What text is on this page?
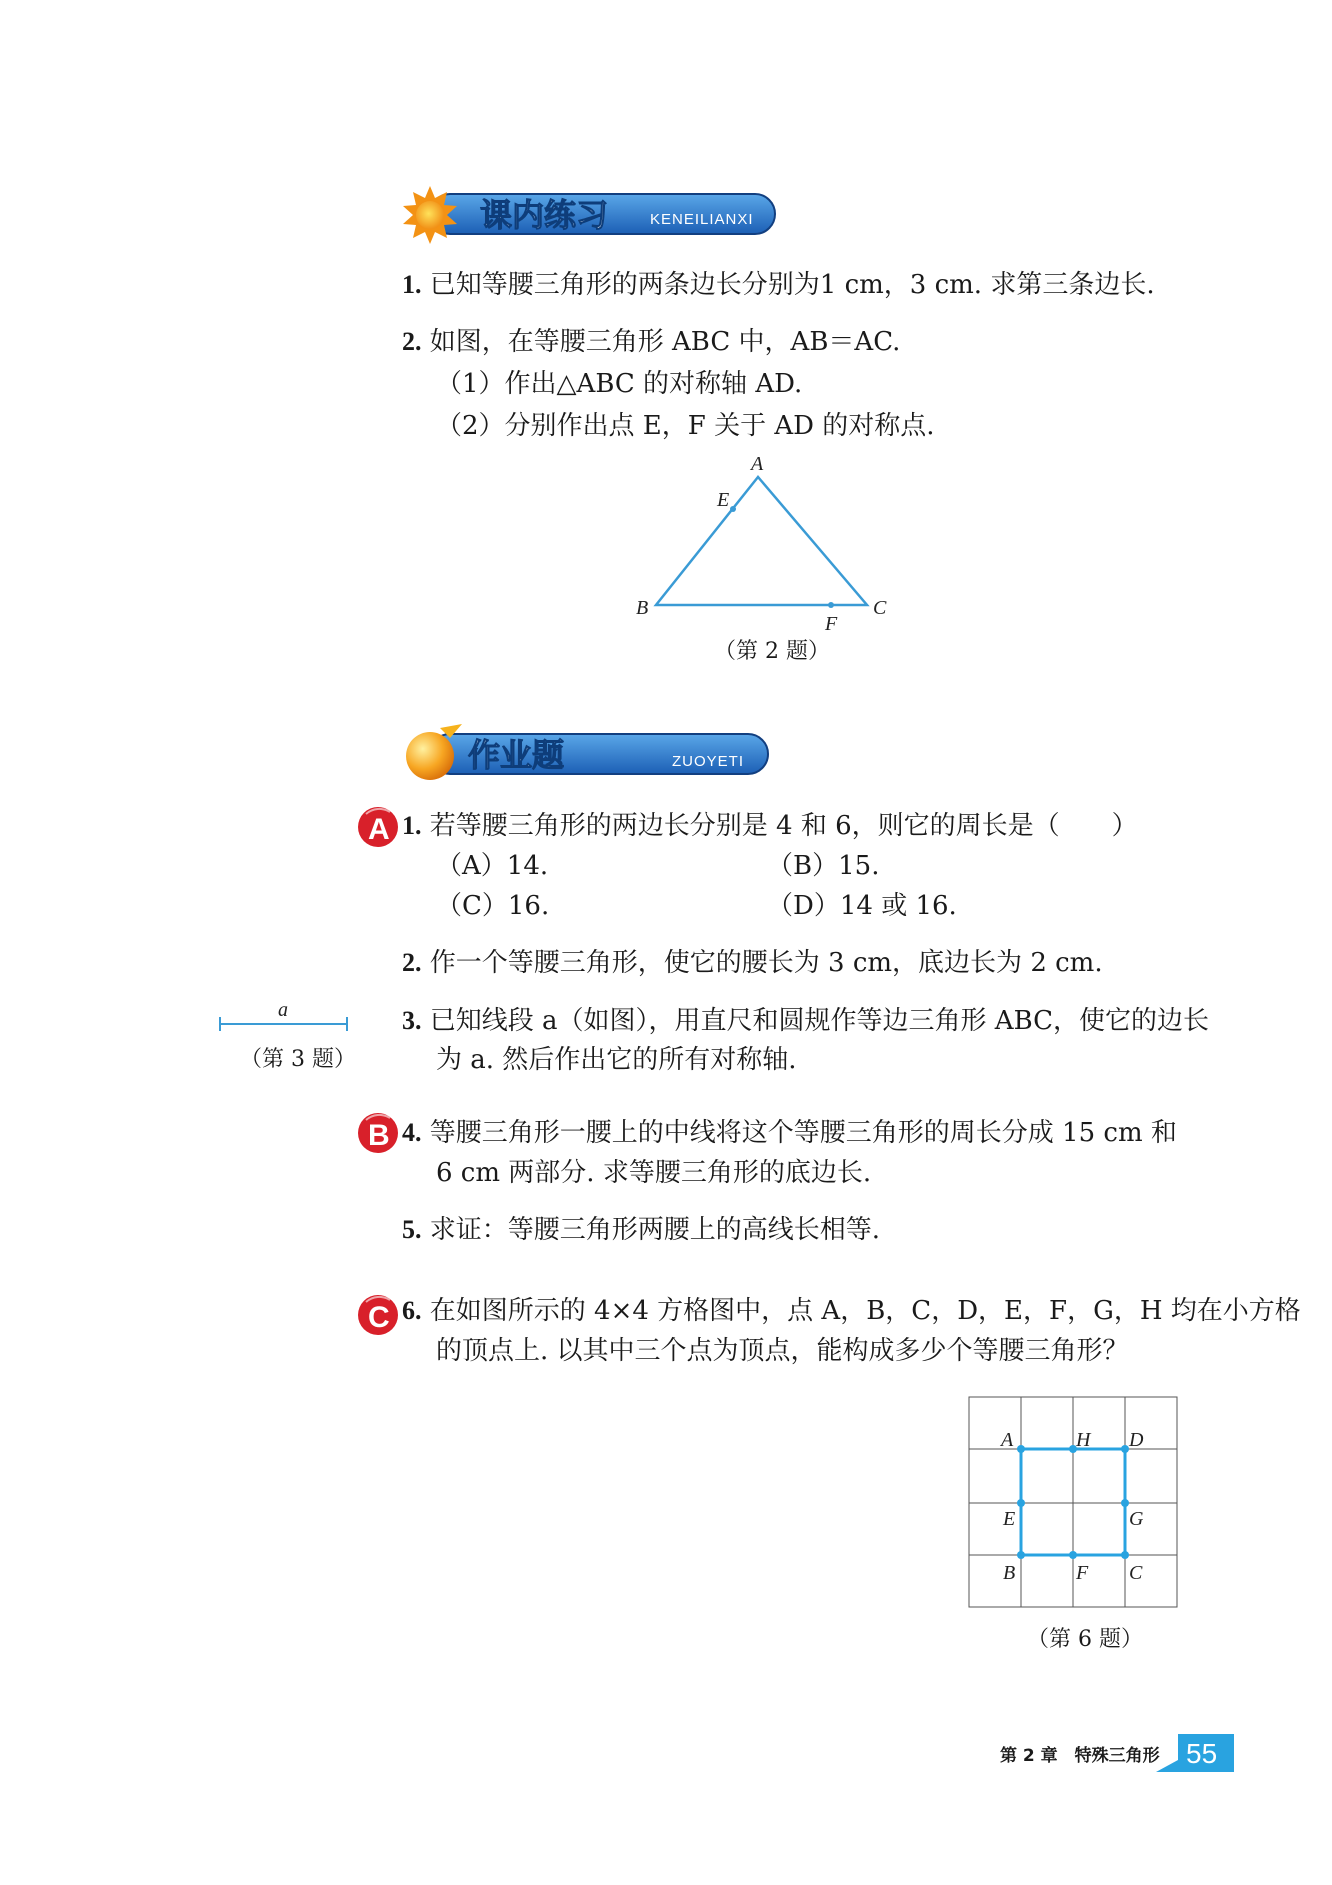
课内练习	KENEILIANXI
1. 已知等腰三角形的两条边长分别为1 cm，3 cm. 求第三条边长.
2. 如图，在等腰三角形 ABC 中，AB＝AC.
（1）作出△ABC 的对称轴 AD.
（2）分别作出点 E，F 关于 AD 的对称点.
A
E
B	C
F
（第 2 题）
作业题	ZUOYETI
A 1. 若等腰三角形的两边长分别是 4 和 6，则它的周长是（　　）
（A）14.	（B）15.
（C）16.	（D）14 或 16.
2. 作一个等腰三角形，使它的腰长为 3 cm，底边长为 2 cm.
a
（第 3 题）
3. 已知线段 a（如图），用直尺和圆规作等边三角形 ABC，使它的边长
为 a. 然后作出它的所有对称轴.
B 4. 等腰三角形一腰上的中线将这个等腰三角形的周长分成 15 cm 和
6 cm 两部分. 求等腰三角形的底边长.
5. 求证：等腰三角形两腰上的高线长相等.
C 6. 在如图所示的 4×4 方格图中，点 A，B，C，D，E，F，G，H 均在小方格
的顶点上. 以其中三个点为顶点，能构成多少个等腰三角形？
A	H D
E	G
B	F C
（第 6 题）
第 2 章　特殊三角形 55
